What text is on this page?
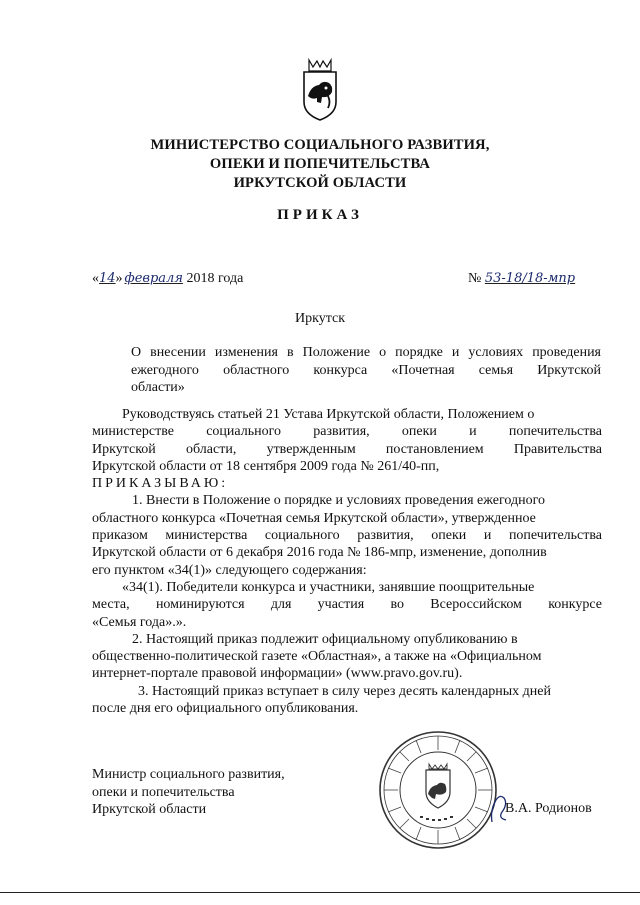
МИНИСТЕРСТВО СОЦИАЛЬНОГО РАЗВИТИЯ,
ОПЕКИ И ПОПЕЧИТЕЛЬСТВА
ИРКУТСКОЙ ОБЛАСТИ
ПРИКАЗ
«14» февраля 2018 года	№ 53-18/18-мпр
Иркутск
О внесении изменения в Положение о порядке и условиях проведения
ежегодного областного конкурса «Почетная семья Иркутской
области»
Руководствуясь статьей 21 Устава Иркутской области, Положением о
министерстве социального развития, опеки и попечительства
Иркутской области, утвержденным постановлением Правительства
Иркутской области от 18 сентября 2009 года № 261/40-пп,
ПРИКАЗЫВАЮ:
1. Внести в Положение о порядке и условиях проведения ежегодного
областного конкурса «Почетная семья Иркутской области», утвержденное
приказом министерства социального развития, опеки и попечительства
Иркутской области от 6 декабря 2016 года № 186-мпр, изменение, дополнив
его пунктом «34(1)» следующего содержания:
«34(1). Победители конкурса и участники, занявшие поощрительные
места, номинируются для участия во Всероссийском конкурсе
«Семья года».».
2. Настоящий приказ подлежит официальному опубликованию в
общественно-политической газете «Областная», а также на «Официальном
интернет-портале правовой информации» (www.pravo.gov.ru).
3. Настоящий приказ вступает в силу через десять календарных дней
после дня его официального опубликования.
Министр социального развития,
опеки и попечительства
Иркутской области	В.А. Родионов
